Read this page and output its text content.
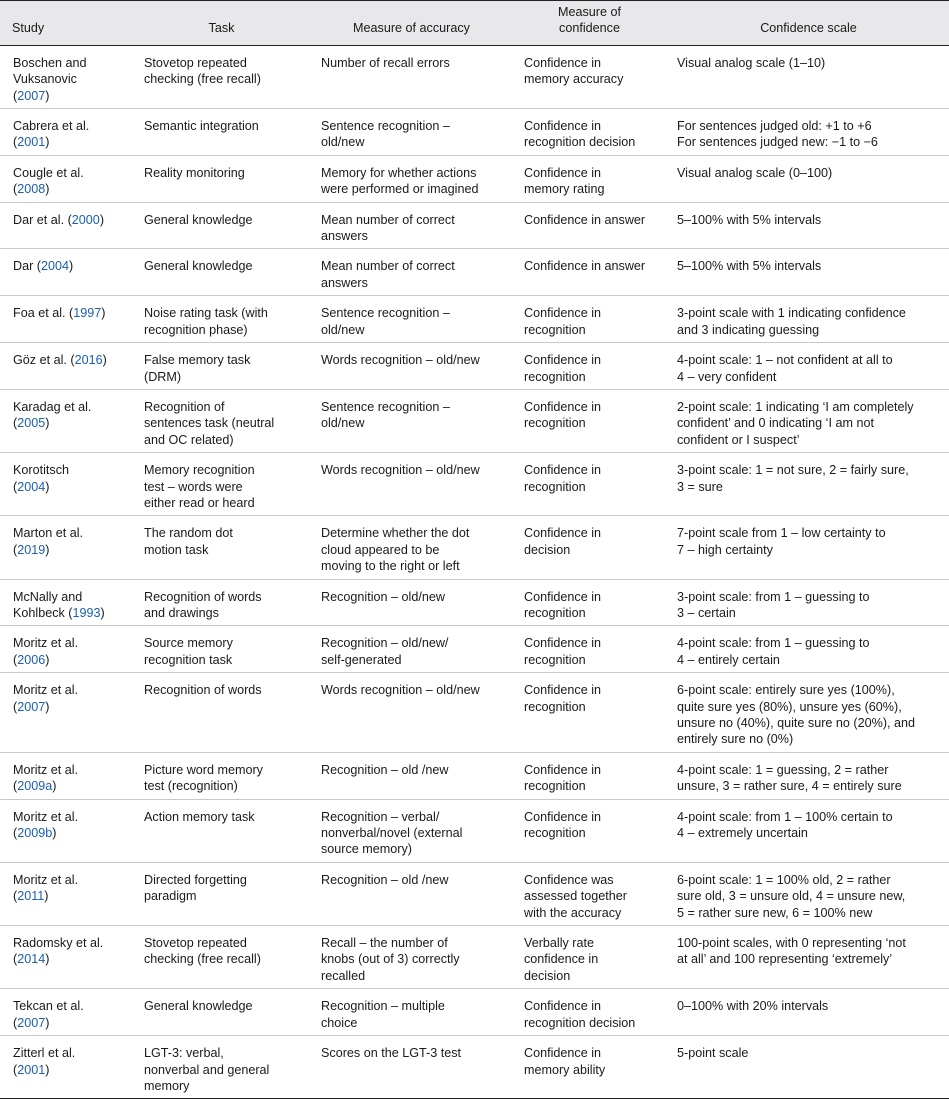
Study	Task	Measure of accuracy	Measure of
confidence	Confidence scale

Boschen and
Vuksanovic
(2007)	Stovetop repeated
checking (free recall)	Number of recall errors	Confidence in
memory accuracy	Visual analog scale (1–10)

Cabrera et al.
(2001)	Semantic integration	Sentence recognition –
old/new	Confidence in
recognition decision	For sentences judged old: +1 to +6
For sentences judged new: −1 to −6

Cougle et al.
(2008)	Reality monitoring	Memory for whether actions
were performed or imagined	Confidence in
memory rating	Visual analog scale (0–100)

Dar et al. (2000)	General knowledge	Mean number of correct
answers	Confidence in answer	5–100% with 5% intervals

Dar (2004)	General knowledge	Mean number of correct
answers	Confidence in answer	5–100% with 5% intervals

Foa et al. (1997)	Noise rating task (with
recognition phase)	Sentence recognition –
old/new	Confidence in
recognition	3-point scale with 1 indicating confidence
and 3 indicating guessing

Göz et al. (2016)	False memory task
(DRM)	Words recognition – old/new	Confidence in
recognition	4-point scale: 1 – not confident at all to
4 – very confident

Karadag et al.
(2005)	Recognition of
sentences task (neutral
and OC related)	Sentence recognition –
old/new	Confidence in
recognition	2-point scale: 1 indicating ‘I am completely
confident’ and 0 indicating ‘I am not
confident or I suspect’

Korotitsch
(2004)	Memory recognition
test – words were
either read or heard	Words recognition – old/new	Confidence in
recognition	3-point scale: 1 = not sure, 2 = fairly sure,
3 = sure

Marton et al.
(2019)	The random dot
motion task	Determine whether the dot
cloud appeared to be
moving to the right or left	Confidence in
decision	7-point scale from 1 – low certainty to
7 – high certainty

McNally and
Kohlbeck (1993)	Recognition of words
and drawings	Recognition – old/new	Confidence in
recognition	3-point scale: from 1 – guessing to
3 – certain

Moritz et al.
(2006)	Source memory
recognition task	Recognition – old/new/
self-generated	Confidence in
recognition	4-point scale: from 1 – guessing to
4 – entirely certain

Moritz et al.
(2007)	Recognition of words	Words recognition – old/new	Confidence in
recognition	6-point scale: entirely sure yes (100%),
quite sure yes (80%), unsure yes (60%),
unsure no (40%), quite sure no (20%), and
entirely sure no (0%)

Moritz et al.
(2009a)	Picture word memory
test (recognition)	Recognition – old /new	Confidence in
recognition	4-point scale: 1 = guessing, 2 = rather
unsure, 3 = rather sure, 4 = entirely sure

Moritz et al.
(2009b)	Action memory task	Recognition – verbal/
nonverbal/novel (external
source memory)	Confidence in
recognition	4-point scale: from 1 – 100% certain to
4 – extremely uncertain

Moritz et al.
(2011)	Directed forgetting
paradigm	Recognition – old /new	Confidence was
assessed together
with the accuracy	6-point scale: 1 = 100% old, 2 = rather
sure old, 3 = unsure old, 4 = unsure new,
5 = rather sure new, 6 = 100% new

Radomsky et al.
(2014)	Stovetop repeated
checking (free recall)	Recall – the number of
knobs (out of 3) correctly
recalled	Verbally rate
confidence in
decision	100-point scales, with 0 representing ‘not
at all’ and 100 representing ‘extremely’

Tekcan et al.
(2007)	General knowledge	Recognition – multiple
choice	Confidence in
recognition decision	0–100% with 20% intervals

Zitterl et al.
(2001)	LGT-3: verbal,
nonverbal and general
memory	Scores on the LGT-3 test	Confidence in
memory ability	5-point scale
